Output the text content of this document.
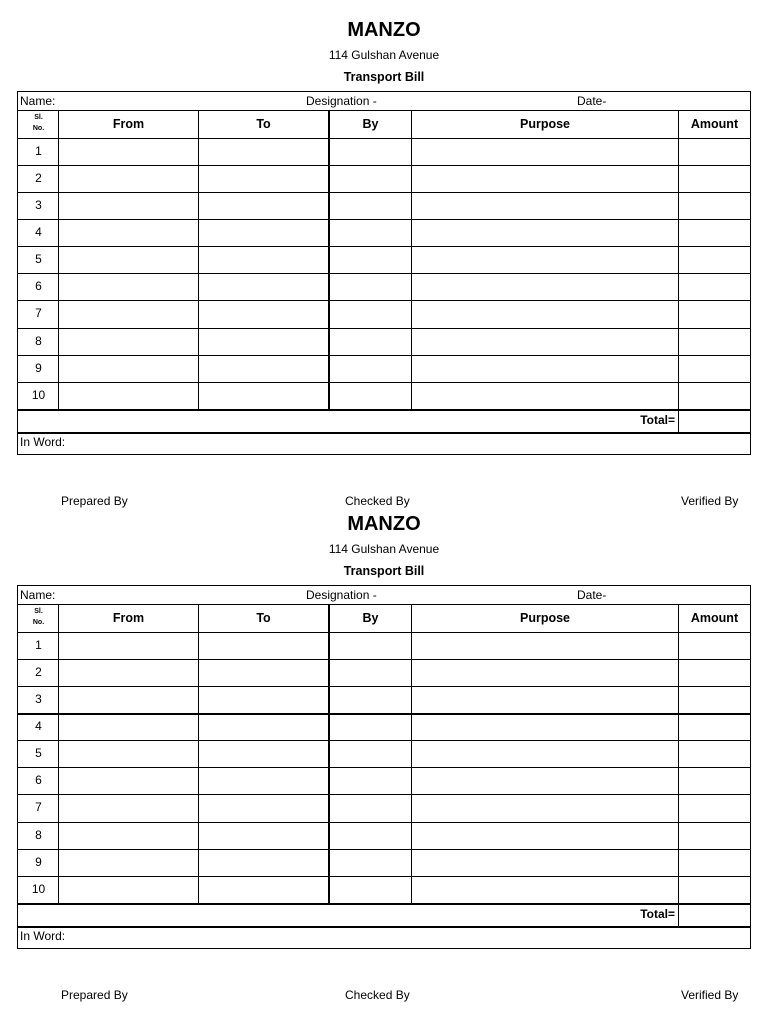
MANZO
114 Gulshan Avenue
Transport Bill
Name:	Designation -	Date-
Sl.
No.	From	To	By	Purpose	Amount
1
2
3
4
5
6
7
8
9
10
Total=
In Word:
Prepared By	Checked By	Verified By
MANZO
114 Gulshan Avenue
Transport Bill
Name:	Designation -	Date-
Sl.
No.	From	To	By	Purpose	Amount
1
2
3
4
5
6
7
8
9
10
Total=
In Word:
Prepared By	Checked By	Verified By
